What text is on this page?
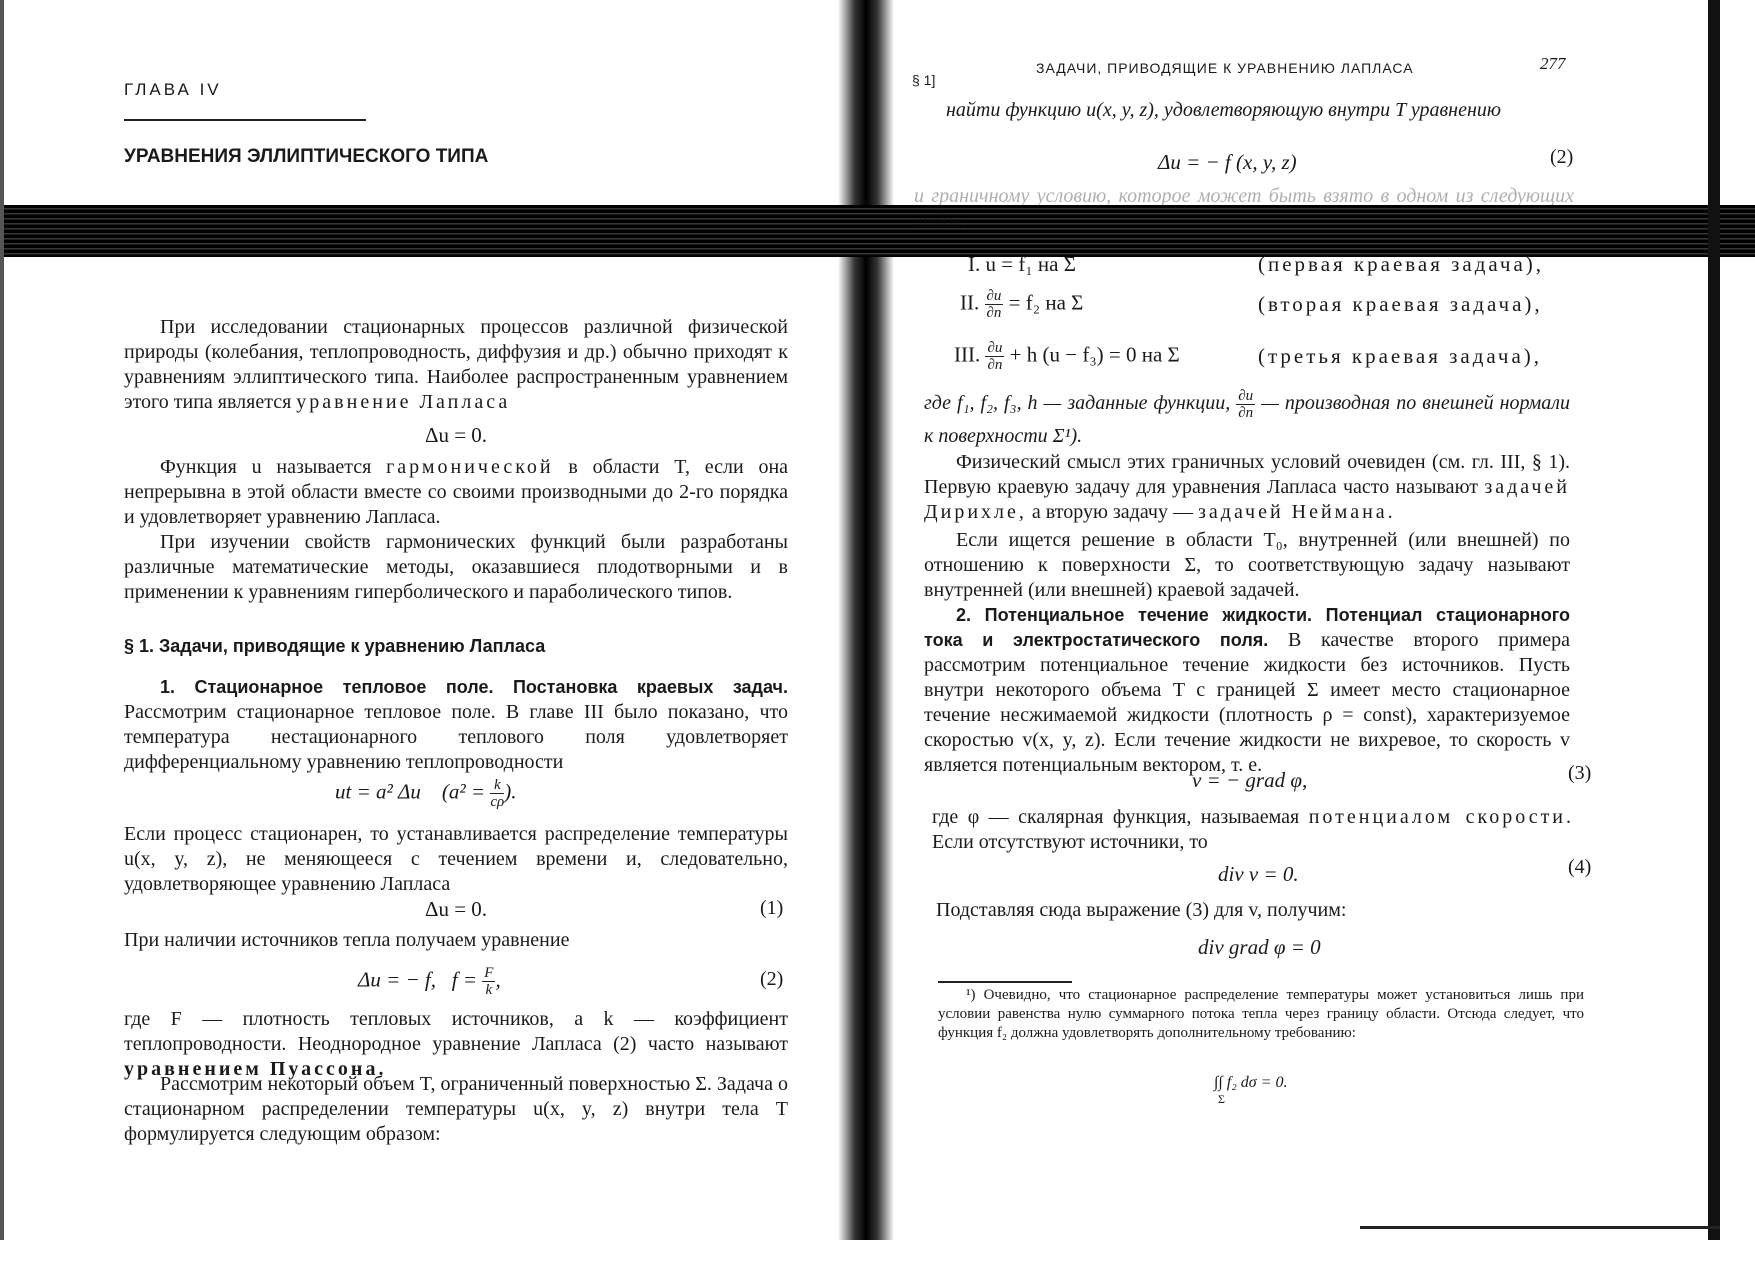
ГЛАВА IV
УРАВНЕНИЯ ЭЛЛИПТИЧЕСКОГО ТИПА

При исследовании стационарных процессов различной физической природы (колебания, теплопроводность, диффузия и др.) обычно приходят к уравнениям эллиптического типа. Наиболее распространенным уравнением этого типа является уравнение Лапласа

Δu = 0.

Функция u называется гармонической в области T, если она непрерывна в этой области вместе со своими производными до 2-го порядка и удовлетворяет уравнению Лапласа.

При изучении свойств гармонических функций были разработаны различные математические методы, оказавшиеся плодотворными и в применении к уравнениям гиперболического и параболического типов.

§ 1. Задачи, приводящие к уравнению Лапласа

1. Стационарное тепловое поле. Постановка краевых задач. Рассмотрим стационарное тепловое поле. В главе III было показано, что температура нестационарного теплового поля удовлетворяет дифференциальному уравнению теплопроводности

ut = a² Δu ($a^2 = \frac{k}{c\rho}$ ).

Если процесс стационарен, то устанавливается распределение температуры u(x, y, z), не меняющееся с течением времени и, следовательно, удовлетворяющее уравнению Лапласа

Δu = 0.	(1)

При наличии источников тепла получаем уравнение

Δu = − f, $f = \frac{F}{k}$ ,	(2)

где F — плотность тепловых источников, а k — коэффициент теплопроводности. Неоднородное уравнение Лапласа (2) часто называют уравнением Пуассона.

Рассмотрим некоторый объем T, ограниченный поверхностью Σ. Задача о стационарном распределении температуры u(x, y, z) внутри тела T формулируется следующим образом:

§ 1]
ЗАДАЧИ, ПРИВОДЯЩИЕ К УРАВНЕНИЮ ЛАПЛАСА	277

найти функцию u(x, y, z), удовлетворяющую внутри T уравнению

Δu = − f (x, y, z)	(2)

и граничному условию, которое может быть взято в одном из следующих видов:

I. u = f₁ на Σ	(первая краевая задача),
II. $\frac{\partial u}{\partial n} = f_2$ на Σ	(вторая краевая задача),
III. $\frac{\partial u}{\partial n} + h$ (u − f₃) = 0 на Σ	(третья краевая задача),

где f₁, f₂, f₃, h — заданные функции, $\frac{\partial u}{\partial n}$ — производная по внешней нормали к поверхности Σ¹).

Физический смысл этих граничных условий очевиден (см. гл. III, § 1). Первую краевую задачу для уравнения Лапласа часто называют задачей Дирихле, а вторую задачу — задачей Неймана.

Если ищется решение в области T₀, внутренней (или внешней) по отношению к поверхности Σ, то соответствующую задачу называют внутренней (или внешней) краевой задачей.

2. Потенциальное течение жидкости. Потенциал стационарного тока и электростатического поля. В качестве второго примера рассмотрим потенциальное течение жидкости без источников. Пусть внутри некоторого объема T с границей Σ имеет место стационарное течение несжимаемой жидкости (плотность ρ = const), характеризуемое скоростью v(x, y, z). Если течение жидкости не вихревое, то скорость v является потенциальным вектором, т. е.

v = − grad φ,	(3)

где φ — скалярная функция, называемая потенциалом скорости. Если отсутствуют источники, то

div v = 0.	(4)

Подставляя сюда выражение (3) для v, получим:

div grad φ = 0

¹) Очевидно, что стационарное распределение температуры может установиться лишь при условии равенства нулю суммарного потока тепла через границу области. Отсюда следует, что функция f₂ должна удовлетворять дополнительному требованию:

∫∫ f₂ dσ = 0.
Σ
